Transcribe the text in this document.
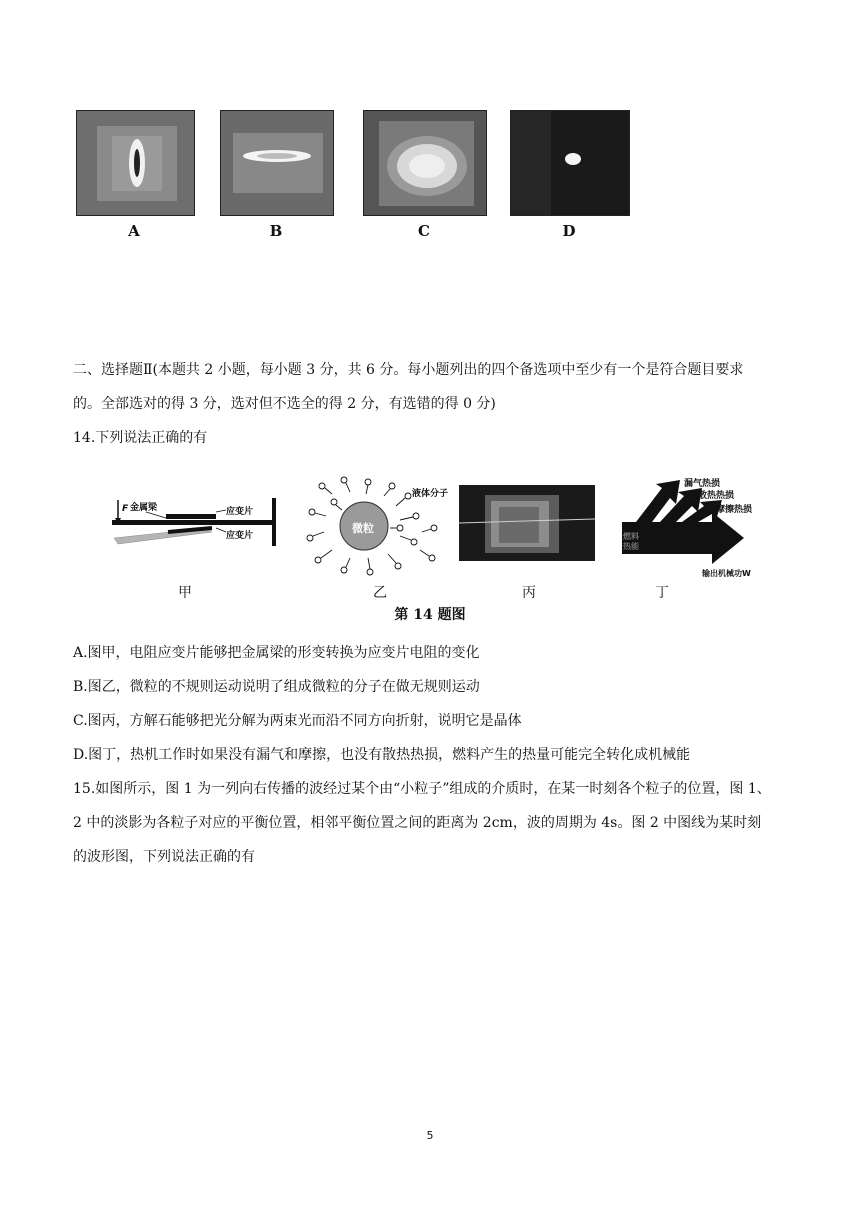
A	B	C	D
二、选择题Ⅱ(本题共 2 小题，每小题 3 分，共 6 分。每小题列出的四个备选项中至少有一个是符合题目要求
的。全部选对的得 3 分，选对但不选全的得 2 分，有选错的得 0 分)
14.下列说法正确的有
F 金属梁	应变片
应变片
微粒
液体分子
漏气热损
散热热损
摩擦热损
燃料热能
输出机械功W
甲	乙	丙	丁
第 14 题图
A.图甲，电阻应变片能够把金属梁的形变转换为应变片电阻的变化
B.图乙，微粒的不规则运动说明了组成微粒的分子在做无规则运动
C.图丙，方解石能够把光分解为两束光而沿不同方向折射，说明它是晶体
D.图丁，热机工作时如果没有漏气和摩擦，也没有散热热损，燃料产生的热量可能完全转化成机械能
15.如图所示，图 1 为一列向右传播的波经过某个由“小粒子”组成的介质时，在某一时刻各个粒子的位置，图 1、
2 中的淡影为各粒子对应的平衡位置，相邻平衡位置之间的距离为 2cm，波的周期为 4s。图 2 中图线为某时刻
的波形图，下列说法正确的有
5
